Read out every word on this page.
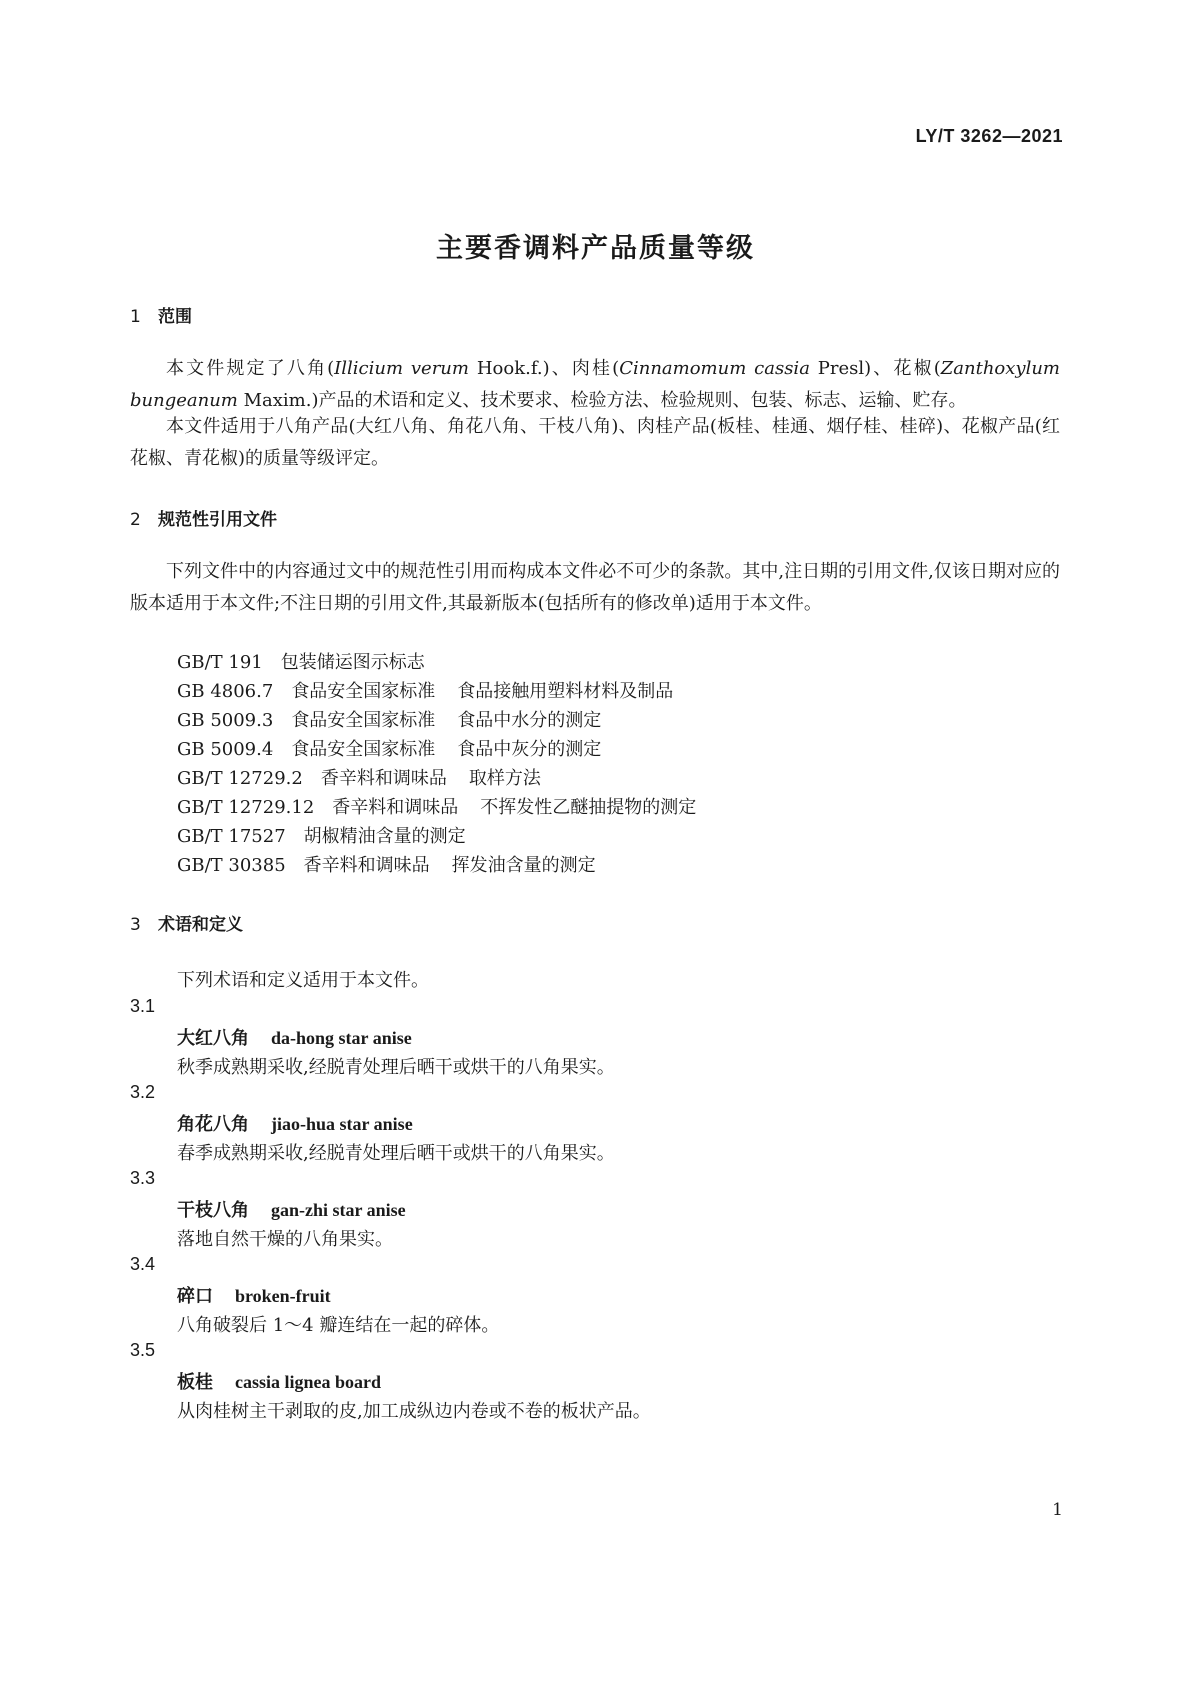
LY/T 3262—2021
主要香调料产品质量等级
1 范围
本文件规定了八角(Illicium verum Hook.f.)、肉桂(Cinnamomum cassia Presl)、花椒(Zanthoxylum bungeanum Maxim.)产品的术语和定义、技术要求、检验方法、检验规则、包装、标志、运输、贮存。
本文件适用于八角产品(大红八角、角花八角、干枝八角)、肉桂产品(板桂、桂通、烟仔桂、桂碎)、花椒产品(红花椒、青花椒)的质量等级评定。
2 规范性引用文件
下列文件中的内容通过文中的规范性引用而构成本文件必不可少的条款。其中,注日期的引用文件,仅该日期对应的版本适用于本文件;不注日期的引用文件,其最新版本(包括所有的修改单)适用于本文件。
GB/T 191 包装储运图示标志
GB 4806.7 食品安全国家标准 食品接触用塑料材料及制品
GB 5009.3 食品安全国家标准 食品中水分的测定
GB 5009.4 食品安全国家标准 食品中灰分的测定
GB/T 12729.2 香辛料和调味品 取样方法
GB/T 12729.12 香辛料和调味品 不挥发性乙醚抽提物的测定
GB/T 17527 胡椒精油含量的测定
GB/T 30385 香辛料和调味品 挥发油含量的测定
3 术语和定义
下列术语和定义适用于本文件。
3.1
大红八角 da-hong star anise
秋季成熟期采收,经脱青处理后晒干或烘干的八角果实。
3.2
角花八角 jiao-hua star anise
春季成熟期采收,经脱青处理后晒干或烘干的八角果实。
3.3
干枝八角 gan-zhi star anise
落地自然干燥的八角果实。
3.4
碎口 broken-fruit
八角破裂后 1～4 瓣连结在一起的碎体。
3.5
板桂 cassia lignea board
从肉桂树主干剥取的皮,加工成纵边内卷或不卷的板状产品。
1
